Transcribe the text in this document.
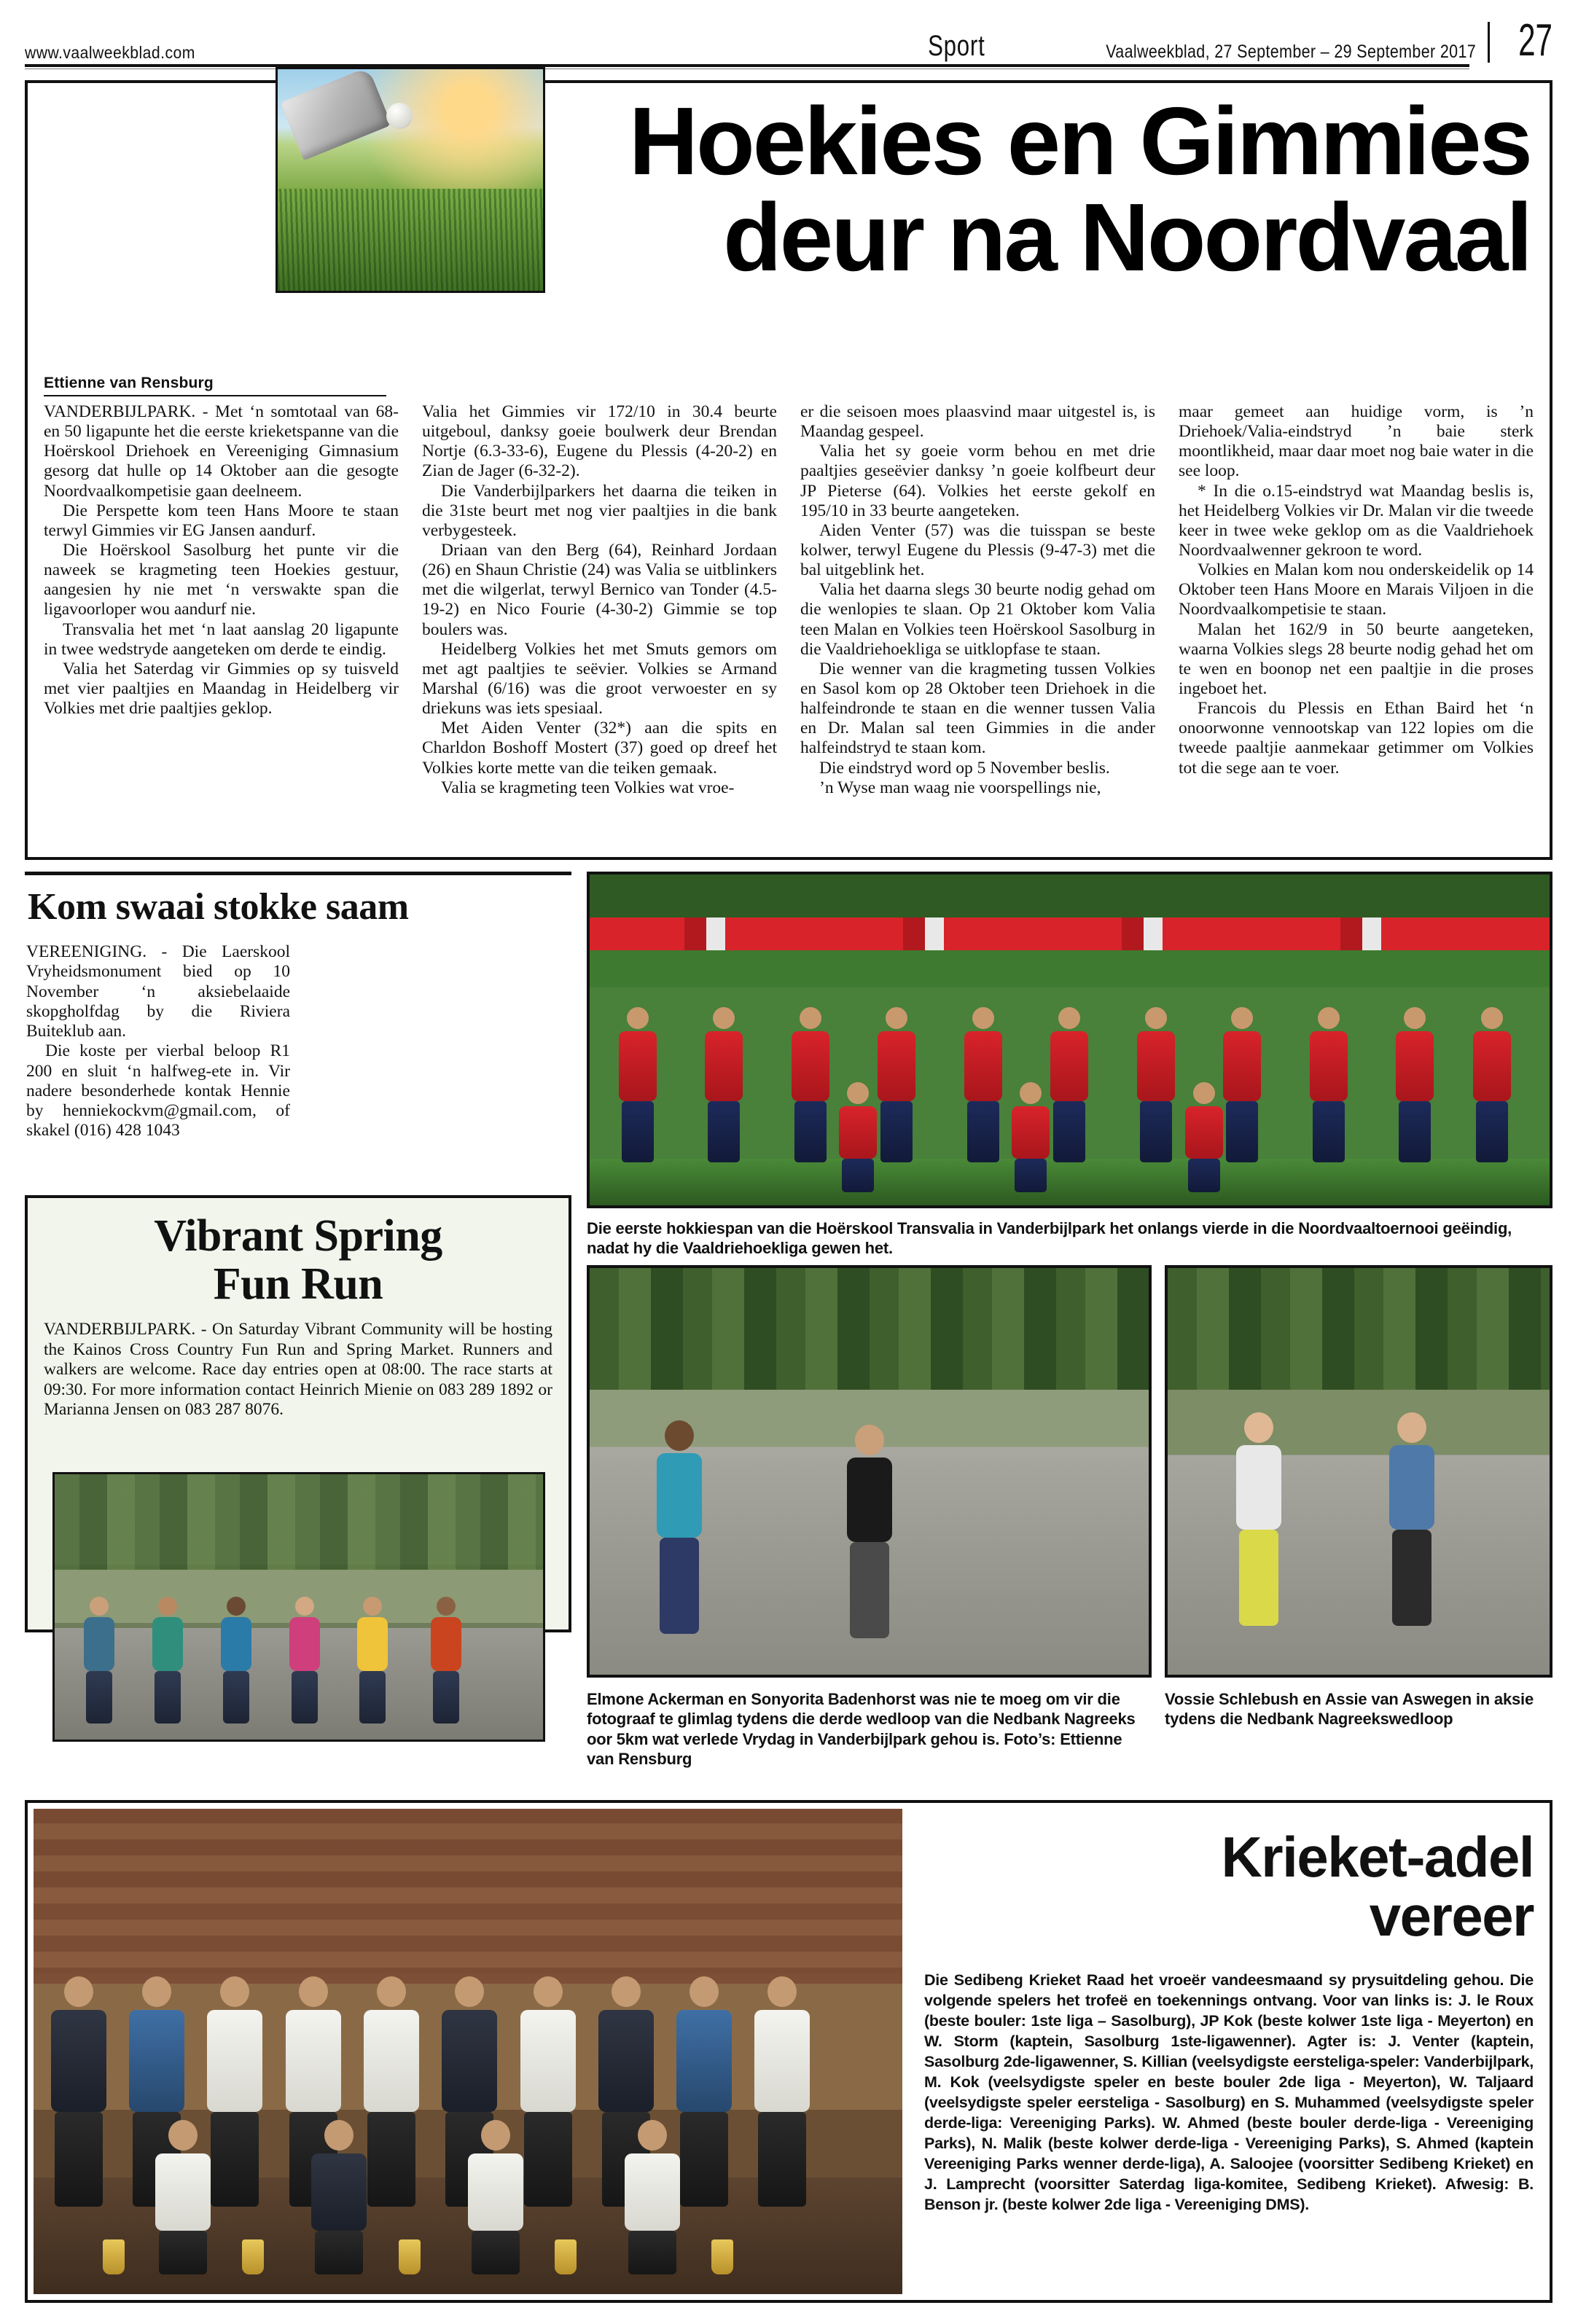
www.vaalweekblad.com	Sport	Vaalweekblad, 27 September – 29 September 2017 27
Hoekies en Gimmies
deur na Noordvaal
Ettienne van Rensburg

VANDERBIJLPARK. - Met ‘n somtotaal van 68- en 50 ligapunte het die eerste krieketspanne van die Hoërskool Driehoek en Vereeniging Gimnasium gesorg dat hulle op 14 Oktober aan die gesogte Noordvaalkompetisie gaan deelneem.

Die Perspette kom teen Hans Moore te staan terwyl Gimmies vir EG Jansen aandurf.

Die Hoërskool Sasolburg het punte vir die naweek se kragmeting teen Hoekies gestuur, aangesien hy nie met ‘n verswakte span die ligavoorloper wou aandurf nie.

Transvalia het met ‘n laat aanslag 20 ligapunte in twee wedstryde aangeteken om derde te eindig.

Valia het Saterdag vir Gimmies op sy tuisveld met vier paaltjies en Maandag in Heidelberg vir Volkies met drie paaltjies geklop.

Valia het Gimmies vir 172/10 in 30.4 beurte uitgeboul, danksy goeie boulwerk deur Brendan Nortje (6.3-33-6), Eugene du Plessis (4-20-2) en Zian de Jager (6-32-2).

Die Vanderbijlparkers het daarna die teiken in die 31ste beurt met nog vier paaltjies in die bank verbygesteek.

Driaan van den Berg (64), Reinhard Jordaan (26) en Shaun Christie (24) was Valia se uitblinkers met die wilgerlat, terwyl Bernico van Tonder (4.5-19-2) en Nico Fourie (4-30-2) Gimmie se top boulers was.

Heidelberg Volkies het met Smuts gemors om met agt paaltjies te seëvier. Volkies se Armand Marshal (6/16) was die groot verwoester en sy driekuns was iets spesiaal.

Met Aiden Venter (32*) aan die spits en Charldon Boshoff Mostert (37) goed op dreef het Volkies korte mette van die teiken gemaak.

Valia se kragmeting teen Volkies wat vroe-

er die seisoen moes plaasvind maar uitgestel is, is Maandag gespeel.

Valia het sy goeie vorm behou en met drie paaltjies geseëvier danksy ’n goeie kolfbeurt deur JP Pieterse (64). Volkies het eerste gekolf en 195/10 in 33 beurte aangeteken.

Aiden Venter (57) was die tuisspan se beste kolwer, terwyl Eugene du Plessis (9-47-3) met die bal uitgeblink het.

Valia het daarna slegs 30 beurte nodig gehad om die wenlopies te slaan. Op 21 Oktober kom Valia teen Malan en Volkies teen Hoërskool Sasolburg in die Vaaldriehoekliga se uitklopfase te staan.

Die wenner van die kragmeting tussen Volkies en Sasol kom op 28 Oktober teen Driehoek in die halfeindronde te staan en die wenner tussen Valia en Dr. Malan sal teen Gimmies in die ander halfeindstryd te staan kom.

Die eindstryd word op 5 November beslis.

’n Wyse man waag nie voorspellings nie,

maar gemeet aan huidige vorm, is ’n Driehoek/Valia-eindstryd ’n baie sterk moontlikheid, maar daar moet nog baie water in die see loop.

* In die o.15-eindstryd wat Maandag beslis is, het Heidelberg Volkies vir Dr. Malan vir die tweede keer in twee weke geklop om as die Vaaldriehoek Noordvaalwenner gekroon te word.

Volkies en Malan kom nou onderskeidelik op 14 Oktober teen Hans Moore en Marais Viljoen in die Noordvaalkompetisie te staan.

Malan het 162/9 in 50 beurte aangeteken, waarna Volkies slegs 28 beurte nodig gehad het om te wen en boonop net een paaltjie in die proses ingeboet het.

Francois du Plessis en Ethan Baird het ‘n onoorwonne vennootskap van 122 lopies om die tweede paaltjie aanmekaar getimmer om Volkies tot die sege aan te voer.

Kom swaai stokke saam

VEREENIGING. - Die Laerskool Vryheidsmonument bied op 10 November ‘n aksiebelaaide skopgholfdag by die Riviera Buiteklub aan.

Die koste per vierbal beloop R1 200 en sluit ‘n halfweg-ete in. Vir nadere besonderhede kontak Hennie by henniekockvm@gmail.com, of skakel (016) 428 1043

Vibrant Spring
Fun Run

VANDERBIJLPARK. - On Saturday Vibrant Community will be hosting the Kainos Cross Country Fun Run and Spring Market. Runners and walkers are welcome. Race day entries open at 08:00. The race starts at 09:30. For more information contact Heinrich Mienie on 083 289 1892 or Marianna Jensen on 083 287 8076.

Die eerste hokkiespan van die Hoërskool Transvalia in Vanderbijlpark het onlangs vierde in die Noordvaaltoernooi geëindig, nadat hy die Vaaldriehoekliga gewen het.
Elmone Ackerman en Sonyorita Badenhorst was nie te moeg om vir die fotograaf te glimlag tydens die derde wedloop van die Nedbank Nagreeks oor 5km wat verlede Vrydag in Vanderbijlpark gehou is. Foto’s: Ettienne van Rensburg
Vossie Schlebush en Assie van Aswegen in aksie tydens die Nedbank Nagreekswedloop
Krieket-adel
vereer

Die Sedibeng Krieket Raad het vroeër vandeesmaand sy prysuitdeling gehou. Die volgende spelers het trofeë en toekennings ontvang. Voor van links is: J. le Roux (beste bouler: 1ste liga – Sasolburg), JP Kok (beste kolwer 1ste liga - Meyerton) en W. Storm (kaptein, Sasolburg 1ste-ligawenner). Agter is: J. Venter (kaptein, Sasolburg 2de-ligawenner, S. Killian (veelsydigste eersteliga-speler: Vanderbijlpark, M. Kok (veelsydigste speler en beste bouler 2de liga - Meyerton), W. Taljaard (veelsydigste speler eersteliga - Sasolburg) en S. Muhammed (veelsydigste speler derde-liga: Vereeniging Parks). W. Ahmed (beste bouler derde-liga - Vereeniging Parks), N. Malik (beste kolwer derde-liga - Vereeniging Parks), S. Ahmed (kaptein Vereeniging Parks wenner derde-liga), A. Saloojee (voorsitter Sedibeng Krieket) en J. Lamprecht (voorsitter Saterdag liga-komitee, Sedibeng Krieket). Afwesig: B. Benson jr. (beste kolwer 2de liga - Vereeniging DMS).
